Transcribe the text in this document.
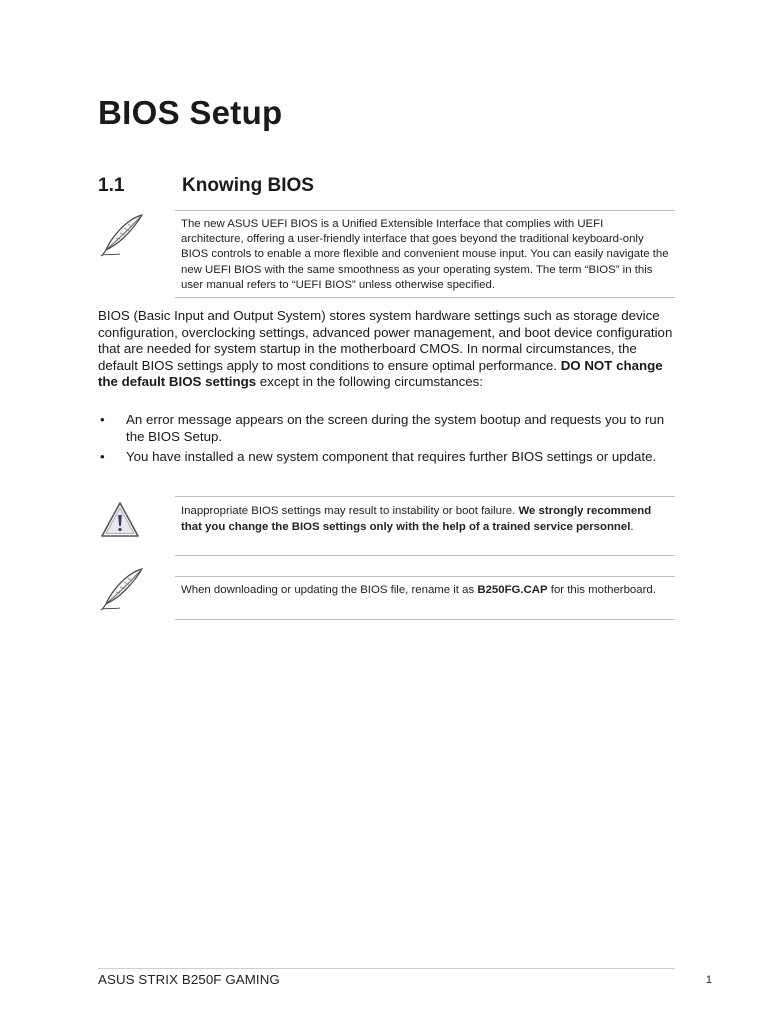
BIOS Setup
1.1	Knowing BIOS

The new ASUS UEFI BIOS is a Unified Extensible Interface that complies with UEFI architecture, offering a user-friendly interface that goes beyond the traditional keyboard-only BIOS controls to enable a more flexible and convenient mouse input. You can easily navigate the new UEFI BIOS with the same smoothness as your operating system. The term “BIOS” in this user manual refers to “UEFI BIOS” unless otherwise specified.

BIOS (Basic Input and Output System) stores system hardware settings such as storage device configuration, overclocking settings, advanced power management, and boot device configuration that are needed for system startup in the motherboard CMOS. In normal circumstances, the default BIOS settings apply to most conditions to ensure optimal performance. DO NOT change the default BIOS settings except in the following circumstances:

• An error message appears on the screen during the system bootup and requests you to run the BIOS Setup.
• You have installed a new system component that requires further BIOS settings or update.

Inappropriate BIOS settings may result to instability or boot failure. We strongly recommend that you change the BIOS settings only with the help of a trained service personnel.

When downloading or updating the BIOS file, rename it as B250FG.CAP for this motherboard.

ASUS STRIX B250F GAMING	1
